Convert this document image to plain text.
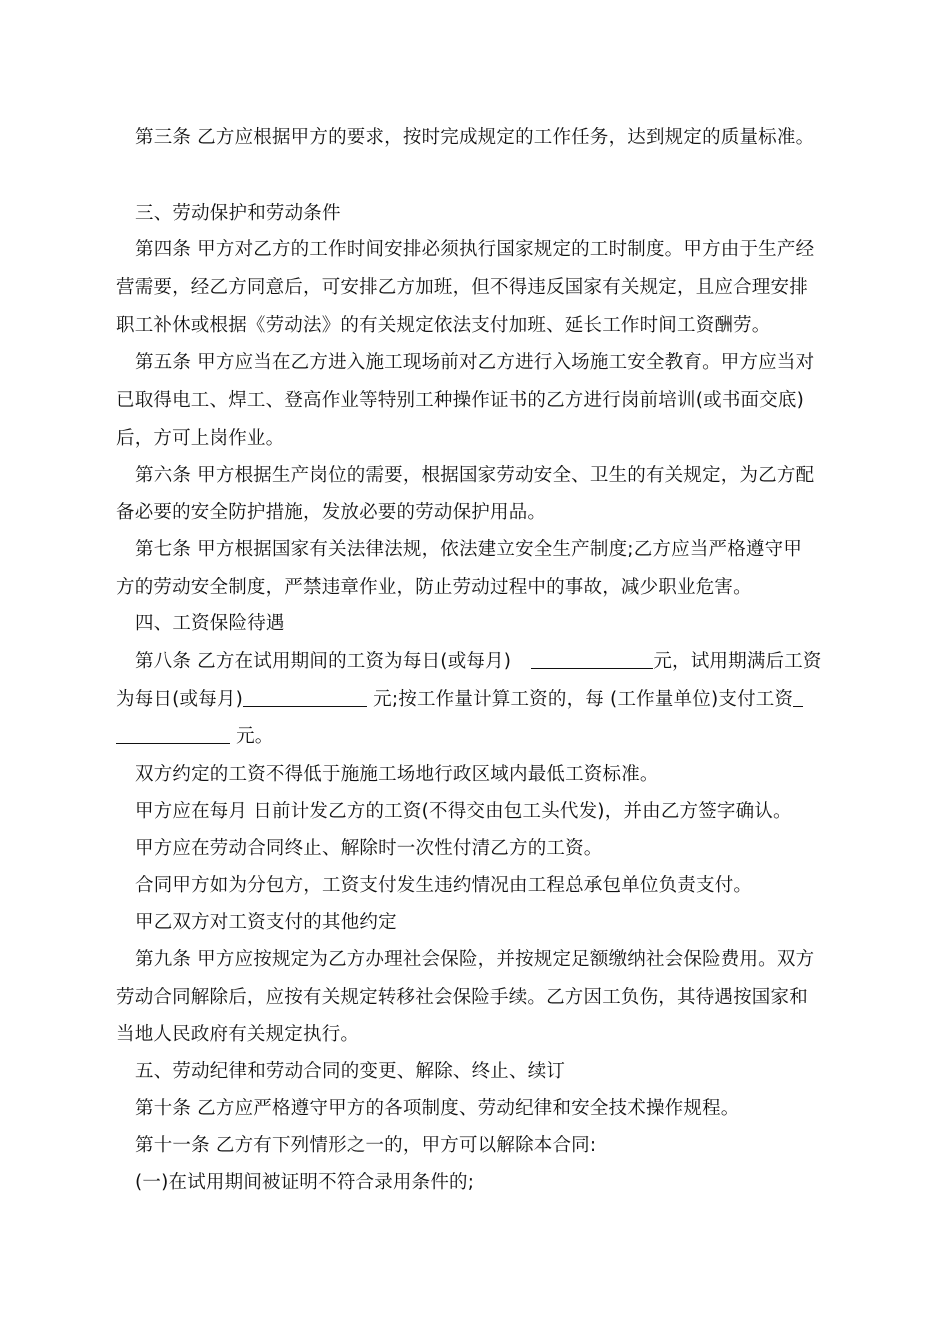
第三条 乙方应根据甲方的要求，按时完成规定的工作任务，达到规定的质量标准。
三、劳动保护和劳动条件
第四条 甲方对乙方的工作时间安排必须执行国家规定的工时制度。甲方由于生产经
营需要，经乙方同意后，可安排乙方加班，但不得违反国家有关规定，且应合理安排
职工补休或根据《劳动法》的有关规定依法支付加班、延长工作时间工资酬劳。
第五条 甲方应当在乙方进入施工现场前对乙方进行入场施工安全教育。甲方应当对
已取得电工、焊工、登高作业等特别工种操作证书的乙方进行岗前培训(或书面交底)
后，方可上岗作业。
第六条 甲方根据生产岗位的需要，根据国家劳动安全、卫生的有关规定，为乙方配
备必要的安全防护措施，发放必要的劳动保护用品。
第七条 甲方根据国家有关法律法规，依法建立安全生产制度;乙方应当严格遵守甲
方的劳动安全制度，严禁违章作业，防止劳动过程中的事故，减少职业危害。
四、工资保险待遇
第八条 乙方在试用期间的工资为每日(或每月)	元，试用期满后工资
为每日(或每月)	元;按工作量计算工资的，每 (工作量单位)支付工资
元。
双方约定的工资不得低于施施工场地行政区域内最低工资标准。
甲方应在每月 日前计发乙方的工资(不得交由包工头代发)，并由乙方签字确认。
甲方应在劳动合同终止、解除时一次性付清乙方的工资。
合同甲方如为分包方，工资支付发生违约情况由工程总承包单位负责支付。
甲乙双方对工资支付的其他约定
第九条 甲方应按规定为乙方办理社会保险，并按规定足额缴纳社会保险费用。双方
劳动合同解除后，应按有关规定转移社会保险手续。乙方因工负伤，其待遇按国家和
当地人民政府有关规定执行。
五、劳动纪律和劳动合同的变更、解除、终止、续订
第十条 乙方应严格遵守甲方的各项制度、劳动纪律和安全技术操作规程。
第十一条 乙方有下列情形之一的，甲方可以解除本合同:
(一)在试用期间被证明不符合录用条件的;
